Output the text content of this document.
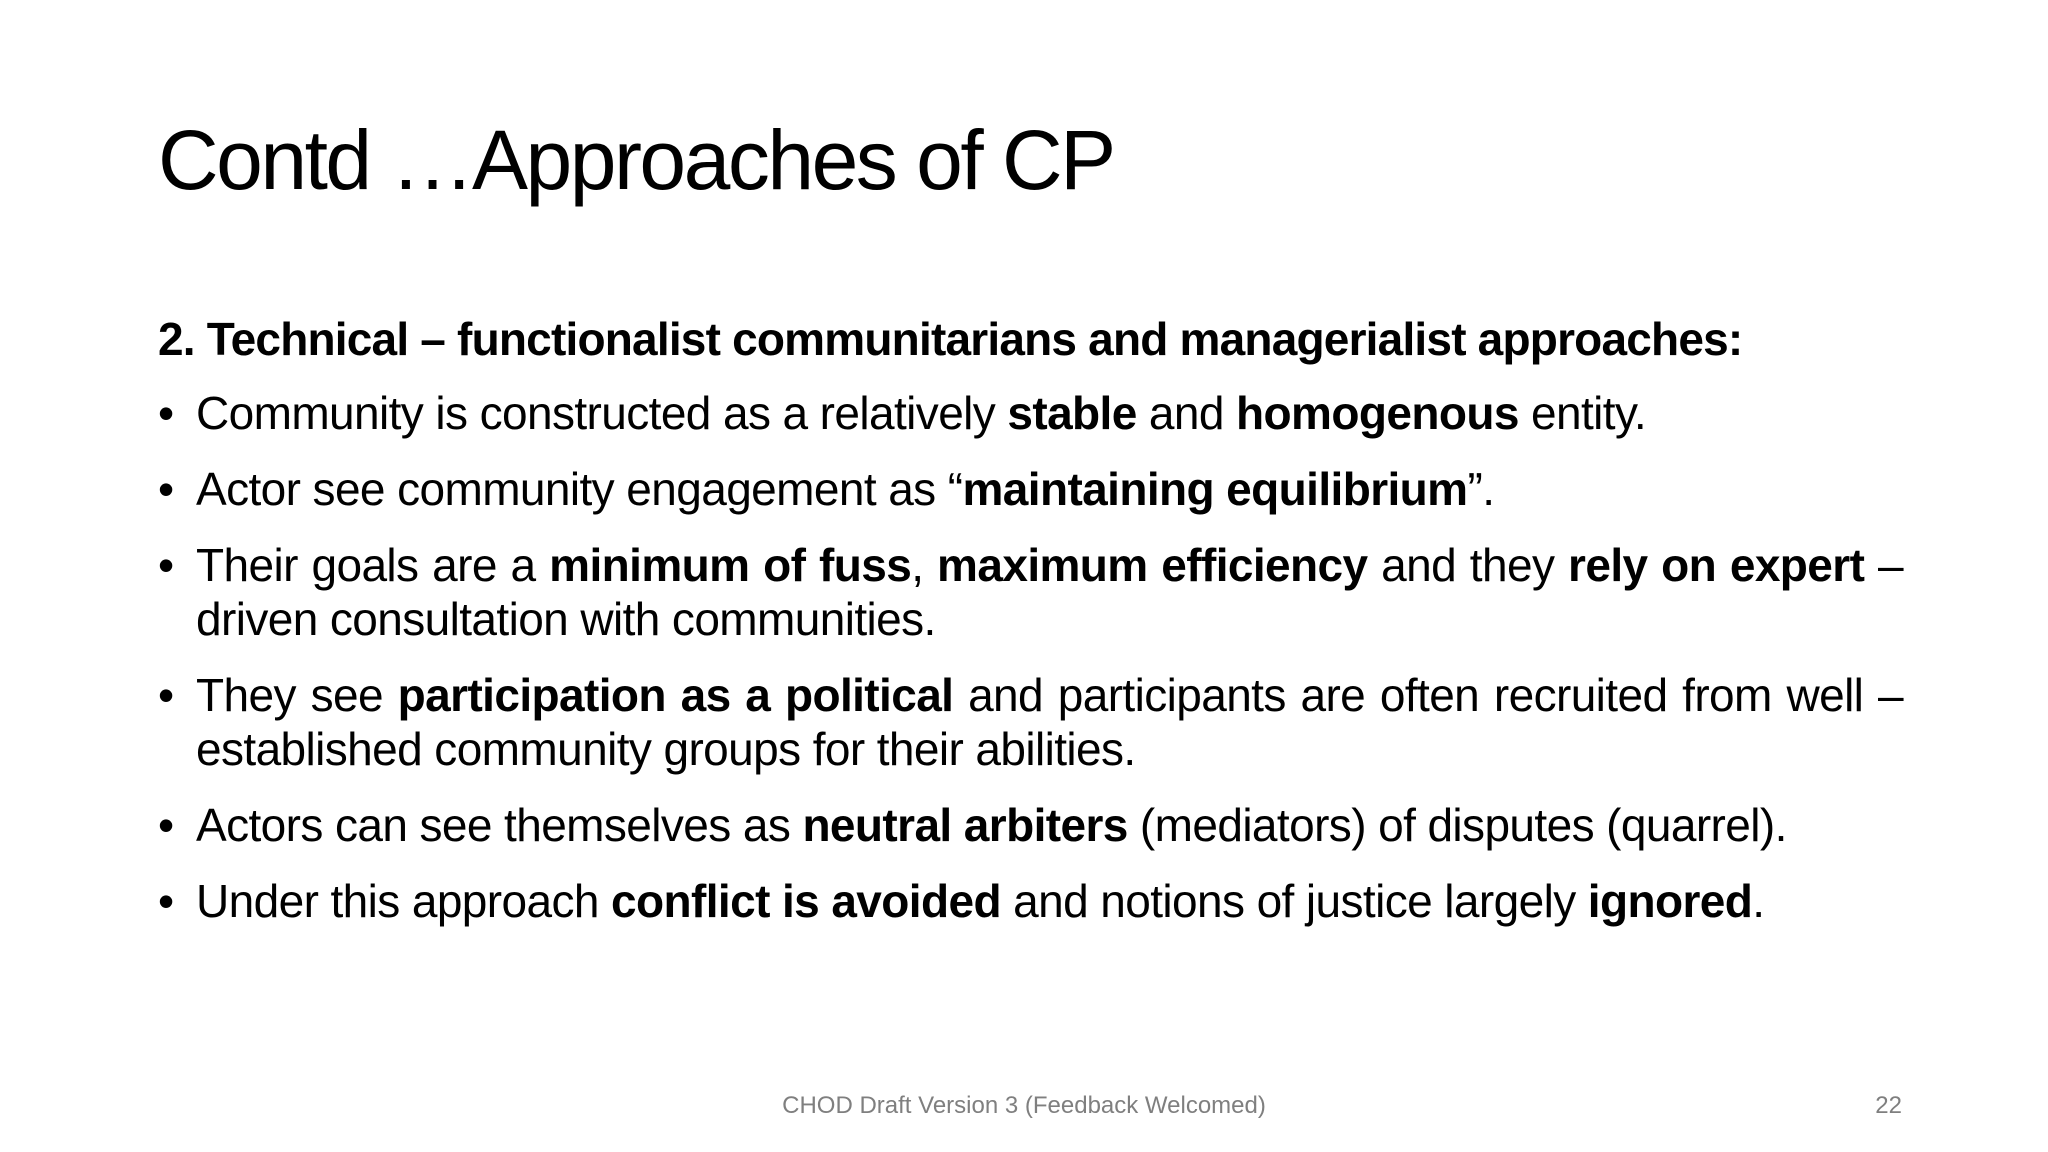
Contd …Approaches of CP
2. Technical – functionalist communitarians and managerialist approaches:
• Community is constructed as a relatively stable and homogenous entity.
• Actor see community engagement as “maintaining equilibrium”.
• Their goals are a minimum of fuss, maximum efficiency and they rely on expert – driven consultation with communities.
• They see participation as a political and participants are often recruited from well – established community groups for their abilities.
• Actors can see themselves as neutral arbiters (mediators) of disputes (quarrel).
• Under this approach conflict is avoided and notions of justice largely ignored.
CHOD Draft Version 3 (Feedback Welcomed)	22
